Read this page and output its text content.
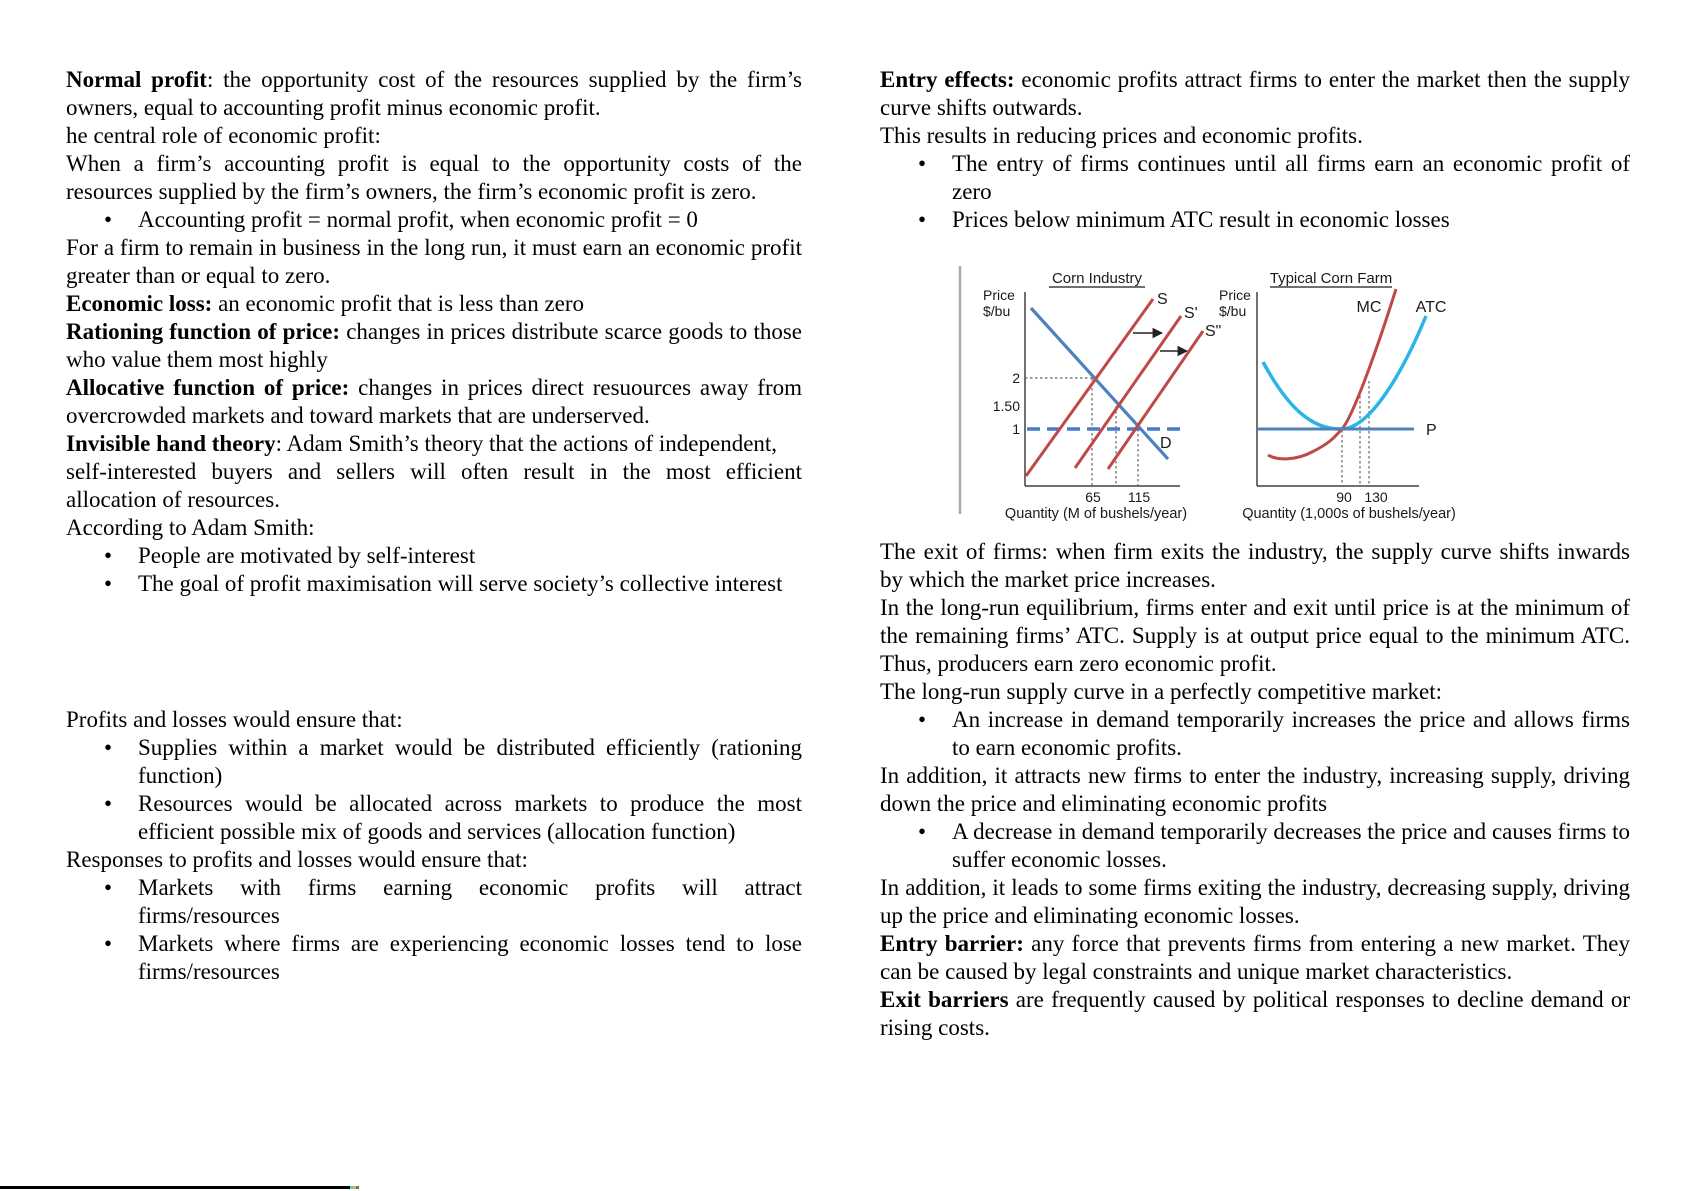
Normal profit: the opportunity cost of the resources supplied by the firm’s owners, equal to accounting profit minus economic profit.
he central role of economic profit:
When a firm’s accounting profit is equal to the opportunity costs of the resources supplied by the firm’s owners, the firm’s economic profit is zero.
• Accounting profit = normal profit, when economic profit = 0
For a firm to remain in business in the long run, it must earn an economic profit greater than or equal to zero.
Economic loss: an economic profit that is less than zero
Rationing function of price: changes in prices distribute scarce goods to those who value them most highly
Allocative function of price: changes in prices direct resuources away from overcrowded markets and toward markets that are underserved.
Invisible hand theory: Adam Smith’s theory that the actions of independent,
self-interested buyers and sellers will often result in the most efficient allocation of resources.
According to Adam Smith:
• People are motivated by self-interest
• The goal of profit maximisation will serve society’s collective interest
Profits and losses would ensure that:
• Supplies within a market would be distributed efficiently (rationing function)
• Resources would be allocated across markets to produce the most efficient possible mix of goods and services (allocation function)
Responses to profits and losses would ensure that:
• Markets with firms earning economic profits will attract firms/resources
• Markets where firms are experiencing economic losses tend to lose firms/resources
Entry effects: economic profits attract firms to enter the market then the supply curve shifts outwards.
This results in reducing prices and economic profits.
• The entry of firms continues until all firms earn an economic profit of zero
• Prices below minimum ATC result in economic losses
Corn Industry
Price
$/bu
D
S
S'
S"
2
1.50
1
65 115
Quantity (M of bushels/year)
Typical Corn Farm
Price
$/bu	MC ATC
P
90 130
Quantity (1,000s of bushels/year)
The exit of firms: when firm exits the industry, the supply curve shifts inwards by which the market price increases.
In the long-run equilibrium, firms enter and exit until price is at the minimum of the remaining firms’ ATC. Supply is at output price equal to the minimum ATC. Thus, producers earn zero economic profit.
The long-run supply curve in a perfectly competitive market:
• An increase in demand temporarily increases the price and allows firms to earn economic profits.
In addition, it attracts new firms to enter the industry, increasing supply, driving down the price and eliminating economic profits
• A decrease in demand temporarily decreases the price and causes firms to suffer economic losses.
In addition, it leads to some firms exiting the industry, decreasing supply, driving up the price and eliminating economic losses.
Entry barrier: any force that prevents firms from entering a new market. They can be caused by legal constraints and unique market characteristics.
Exit barriers are frequently caused by political responses to decline demand or rising costs.
